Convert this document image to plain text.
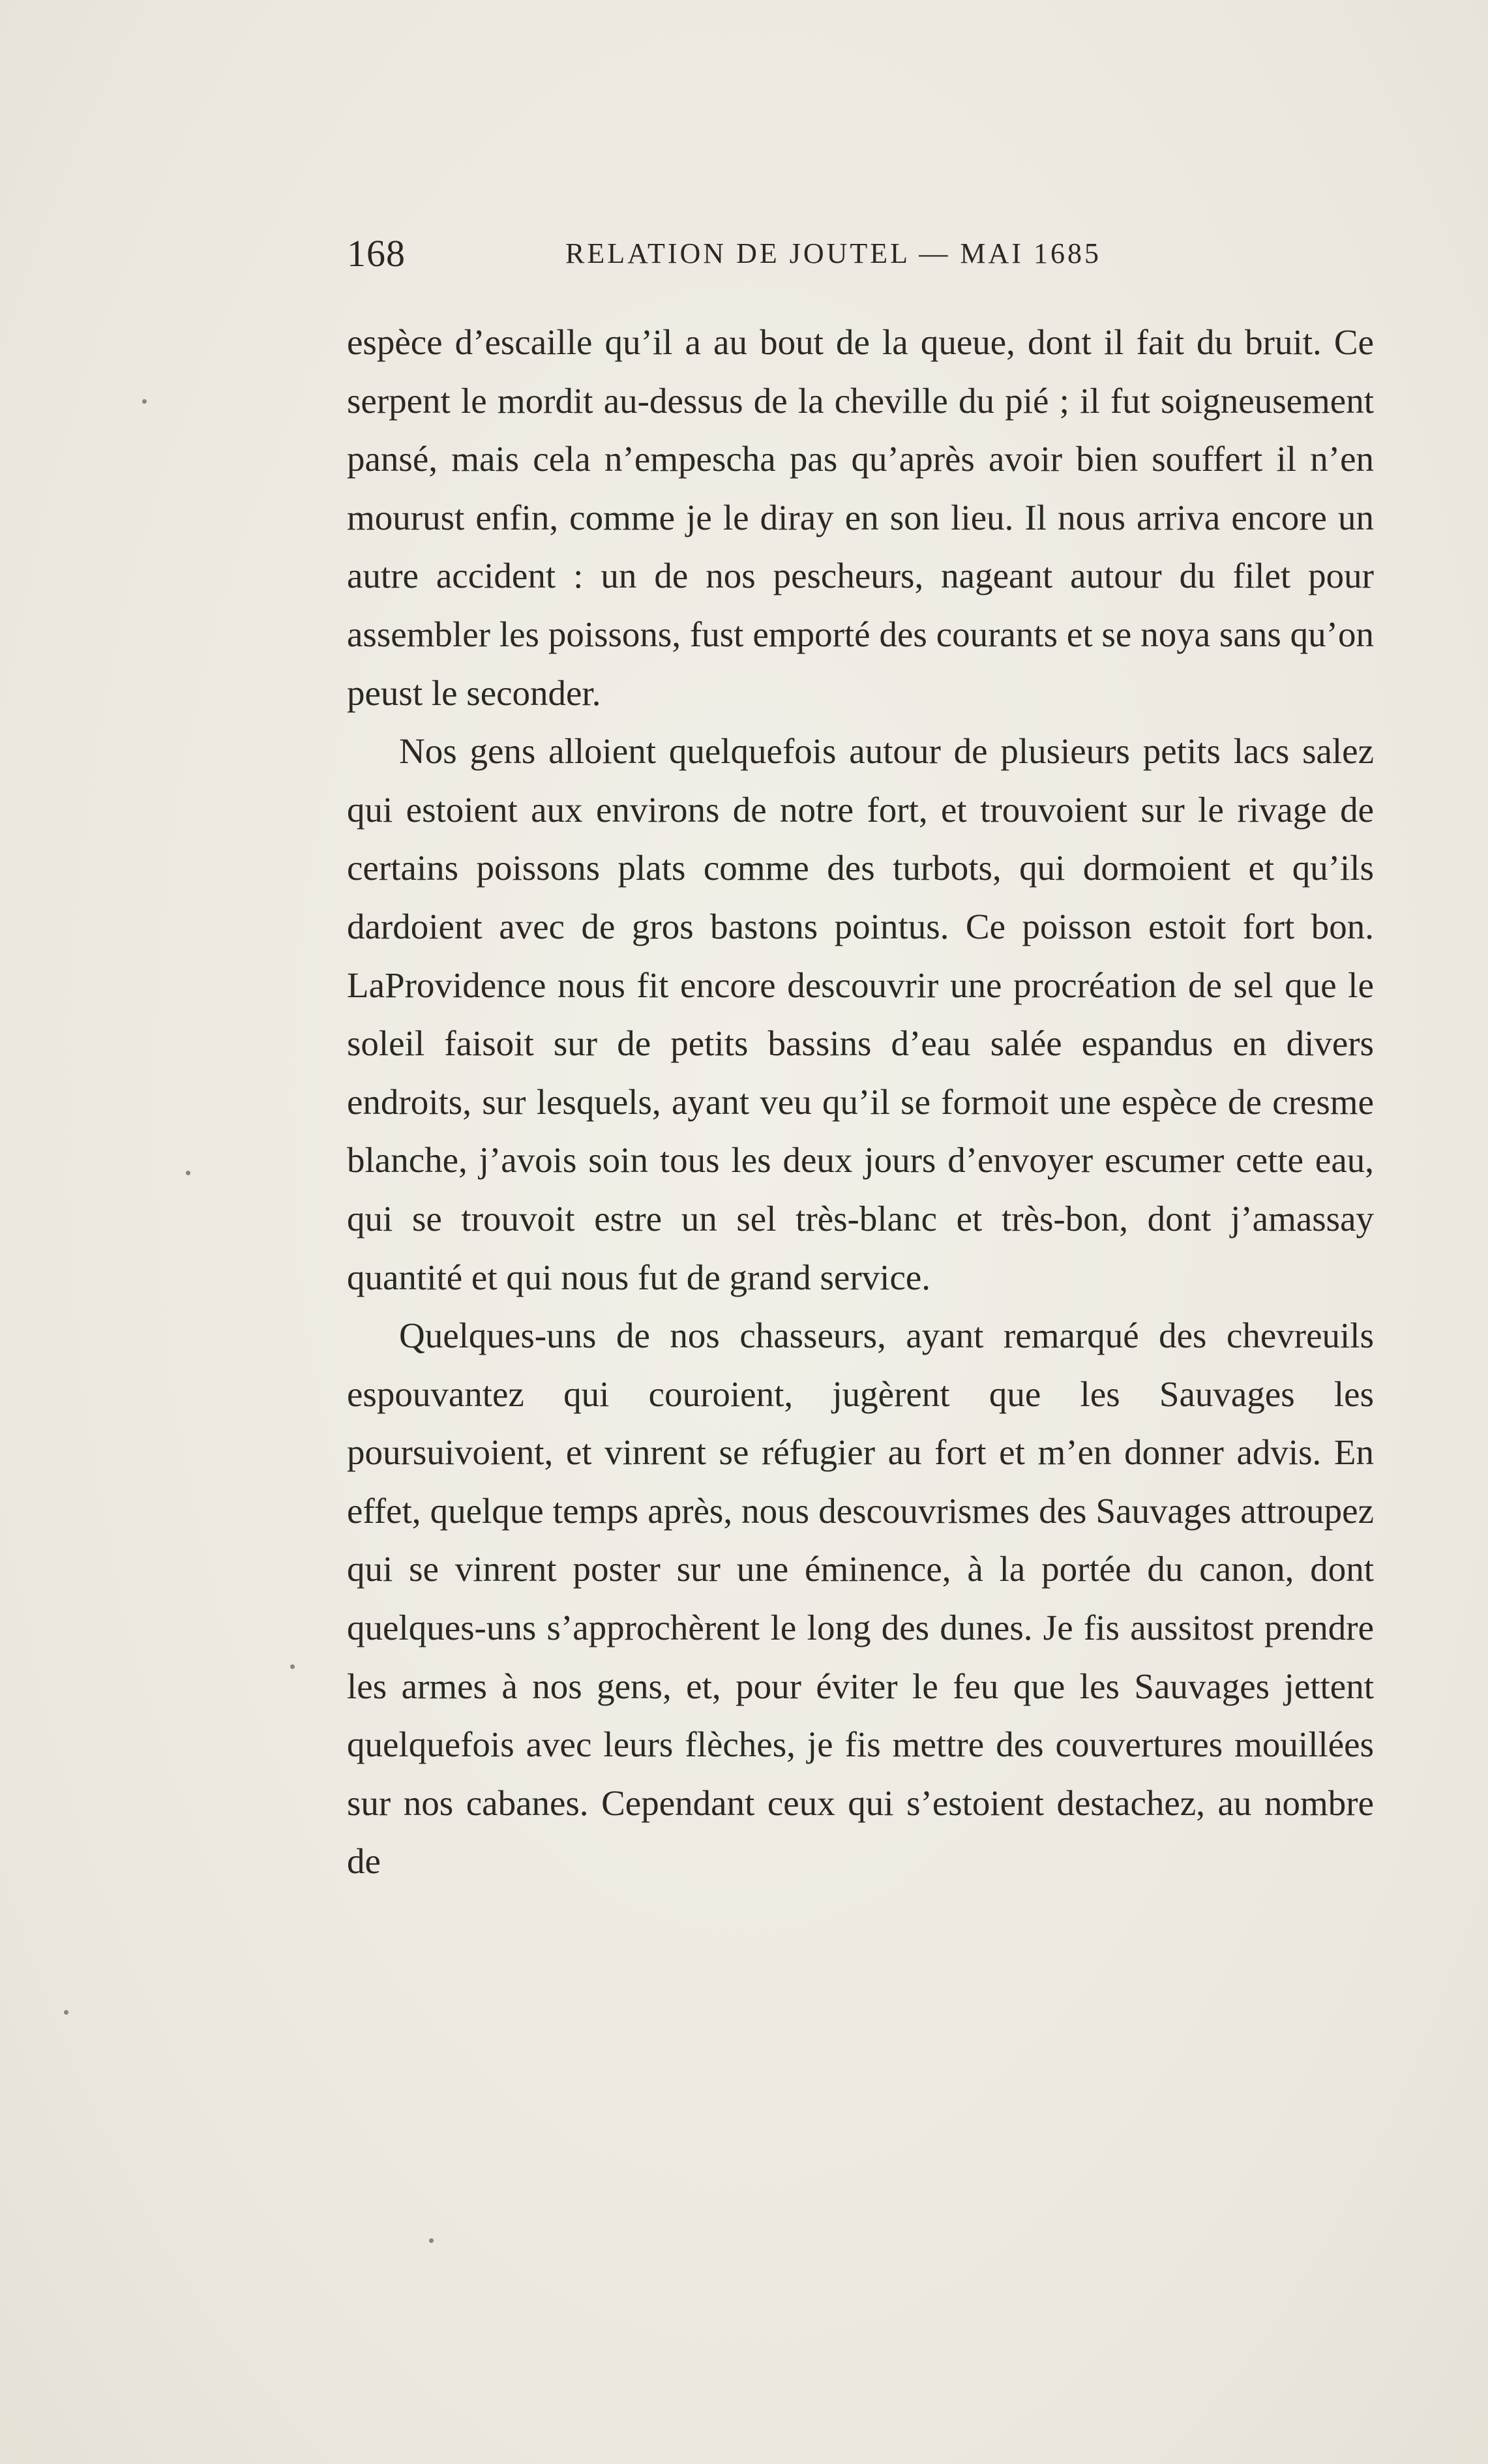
168	RELATION DE JOUTEL — MAI 1685

espèce d’escaille qu’il a au bout de la queue, dont il fait du bruit. Ce serpent le mordit au-dessus de la cheville du pié ; il fut soigneusement pansé, mais cela n’empescha pas qu’après avoir bien souffert il n’en mourust enfin, comme je le diray en son lieu. Il nous arriva encore un autre accident : un de nos pescheurs, nageant autour du filet pour assembler les poissons, fust emporté des courants et se noya sans qu’on peust le seconder.

Nos gens alloient quelquefois autour de plusieurs petits lacs salez qui estoient aux environs de notre fort, et trouvoient sur le rivage de certains poissons plats comme des turbots, qui dormoient et qu’ils dardoient avec de gros bastons pointus. Ce poisson estoit fort bon. LaProvidence nous fit encore descouvrir une procréation de sel que le soleil faisoit sur de petits bassins d’eau salée espandus en divers endroits, sur lesquels, ayant veu qu’il se formoit une espèce de cresme blanche, j’avois soin tous les deux jours d’envoyer escumer cette eau, qui se trouvoit estre un sel très-blanc et très-bon, dont j’amassay quantité et qui nous fut de grand service.

Quelques-uns de nos chasseurs, ayant remarqué des chevreuils espouvantez qui couroient, jugèrent que les Sauvages les poursuivoient, et vinrent se réfugier au fort et m’en donner advis. En effet, quelque temps après, nous descouvrismes des Sauvages attroupez qui se vinrent poster sur une éminence, à la portée du canon, dont quelques-uns s’approchèrent le long des dunes. Je fis aussitost prendre les armes à nos gens, et, pour éviter le feu que les Sauvages jettent quelquefois avec leurs flèches, je fis mettre des couvertures mouillées sur nos cabanes. Cependant ceux qui s’estoient destachez, au nombre de
